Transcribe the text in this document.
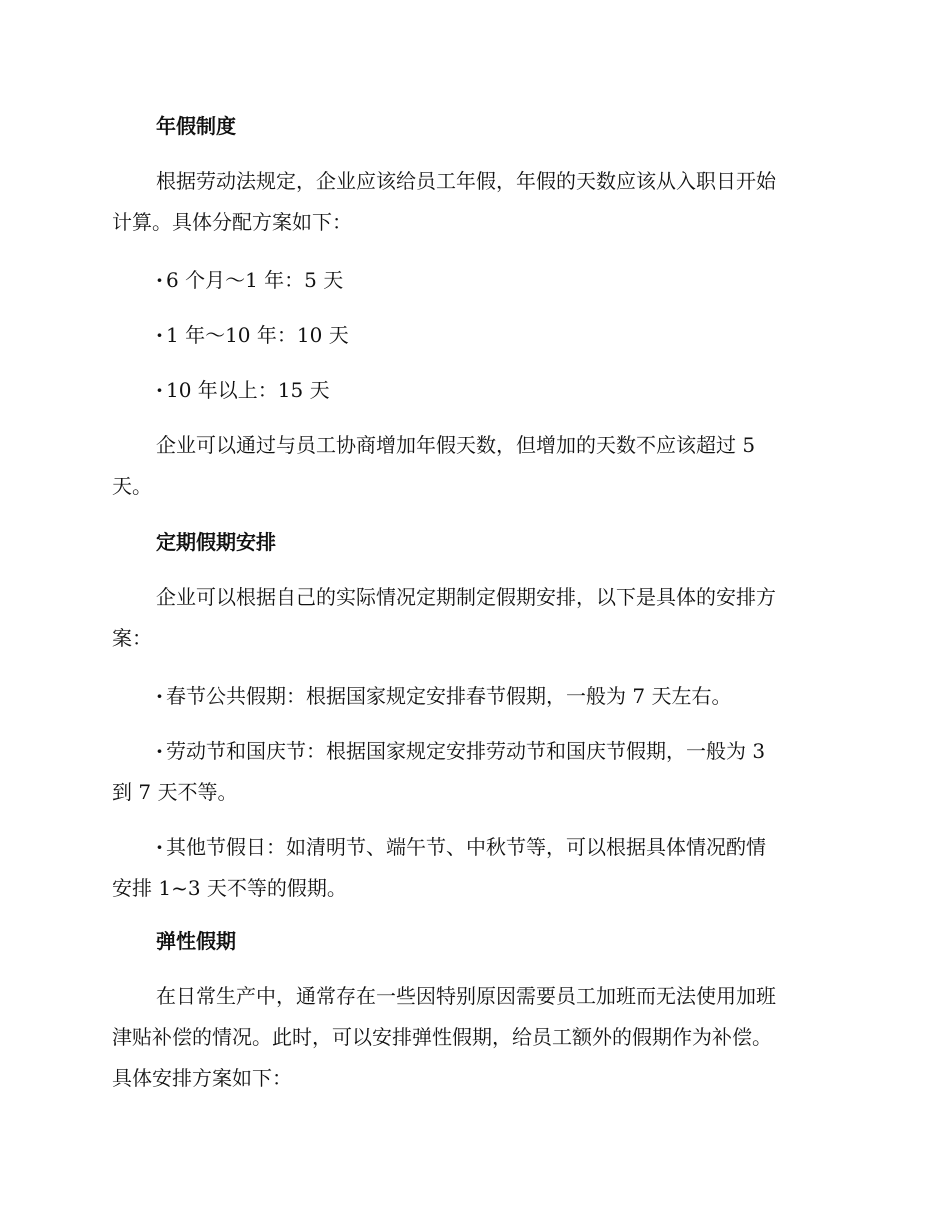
年假制度
根据劳动法规定，企业应该给员工年假，年假的天数应该从入职日开始
计算。具体分配方案如下：
· 6 个月～1 年：5 天
· 1 年～10 年：10 天
· 10 年以上：15 天
企业可以通过与员工协商增加年假天数，但增加的天数不应该超过 5
天。
定期假期安排
企业可以根据自己的实际情况定期制定假期安排，以下是具体的安排方
案：
· 春节公共假期：根据国家规定安排春节假期，一般为 7 天左右。
· 劳动节和国庆节：根据国家规定安排劳动节和国庆节假期，一般为 3
到 7 天不等。
· 其他节假日：如清明节、端午节、中秋节等，可以根据具体情况酌情
安排 1~3 天不等的假期。
弹性假期
在日常生产中，通常存在一些因特别原因需要员工加班而无法使用加班
津贴补偿的情况。此时，可以安排弹性假期，给员工额外的假期作为补偿。
具体安排方案如下：
